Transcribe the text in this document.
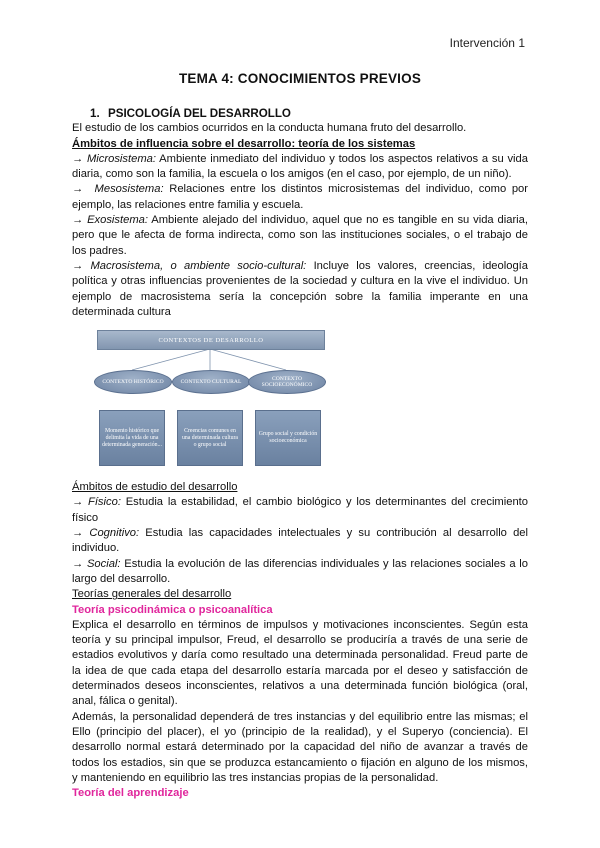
Intervención 1
TEMA 4: CONOCIMIENTOS PREVIOS

1. PSICOLOGÍA DEL DESARROLLO

El estudio de los cambios ocurridos en la conducta humana fruto del desarrollo.

Ámbitos de influencia sobre el desarrollo: teoría de los sistemas

→ Microsistema: Ambiente inmediato del individuo y todos los aspectos relativos a su vida diaria, como son la familia, la escuela o los amigos (en el caso, por ejemplo, de un niño).

→ Mesosistema: Relaciones entre los distintos microsistemas del individuo, como por ejemplo, las relaciones entre familia y escuela.

→ Exosistema: Ambiente alejado del individuo, aquel que no es tangible en su vida diaria, pero que le afecta de forma indirecta, como son las instituciones sociales, o el trabajo de los padres.

→ Macrosistema, o ambiente socio-cultural: Incluye los valores, creencias, ideología política y otras influencias provenientes de la sociedad y cultura en la vive el individuo. Un ejemplo de macrosistema sería la concepción sobre la familia imperante en una determinada cultura

CONTEXTOS DE DESARROLLO
CONTEXTO HISTÓRICO	CONTEXTO CULTURAL
CONTEXTO SOCIOECONÓMICO
Momento histórico que delimita la vida de una determinada generación...
Creencias comunes en una determinada cultura o grupo social
Grupo social y condición socioeconómica

Ámbitos de estudio del desarrollo

→ Físico: Estudia la estabilidad, el cambio biológico y los determinantes del crecimiento físico

→ Cognitivo: Estudia las capacidades intelectuales y su contribución al desarrollo del individuo.

→ Social: Estudia la evolución de las diferencias individuales y las relaciones sociales a lo largo del desarrollo.

Teorías generales del desarrollo

Teoría psicodinámica o psicoanalítica

Explica el desarrollo en términos de impulsos y motivaciones inconscientes. Según esta teoría y su principal impulsor, Freud, el desarrollo se produciría a través de una serie de estadios evolutivos y daría como resultado una determinada personalidad. Freud parte de la idea de que cada etapa del desarrollo estaría marcada por el deseo y satisfacción de determinados deseos inconscientes, relativos a una determinada función biológica (oral, anal, fálica o genital).

Además, la personalidad dependerá de tres instancias y del equilibrio entre las mismas; el Ello (principio del placer), el yo (principio de la realidad), y el Superyo (conciencia). El desarrollo normal estará determinado por la capacidad del niño de avanzar a través de todos los estadios, sin que se produzca estancamiento o fijación en alguno de los mismos, y manteniendo en equilibrio las tres instancias propias de la personalidad.

Teoría del aprendizaje
